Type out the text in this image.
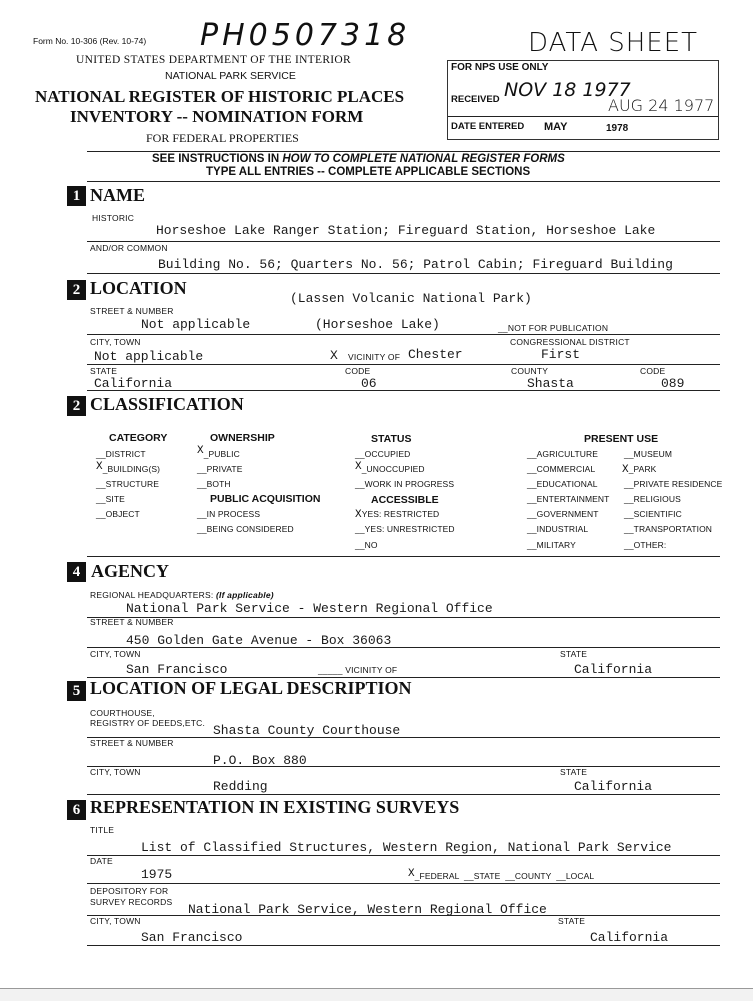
Form No. 10-306 (Rev. 10-74) PH0507318	DATA SHEET
UNITED STATES DEPARTMENT OF THE INTERIOR
NATIONAL PARK SERVICE
NATIONAL REGISTER OF HISTORIC PLACES
INVENTORY -- NOMINATION FORM
FOR FEDERAL PROPERTIES
FOR NPS USE ONLY
RECEIVED NOV 18 1977
AUG 24 1977
DATE ENTERED MAY	1978
SEE INSTRUCTIONS IN HOW TO COMPLETE NATIONAL REGISTER FORMS
TYPE ALL ENTRIES -- COMPLETE APPLICABLE SECTIONS
1 NAME
HISTORIC
Horseshoe Lake Ranger Station; Fireguard Station, Horseshoe Lake
AND/OR COMMON
Building No. 56; Quarters No. 56; Patrol Cabin; Fireguard Building
2 LOCATION
(Lassen Volcanic National Park)
STREET & NUMBER
Not applicable	(Horseshoe Lake)	__NOT FOR PUBLICATION
CITY, TOWN
Not applicable	X VICINITY OF Chester
CONGRESSIONAL DISTRICT
First
STATE
California
CODE
06
COUNTY
Shasta
CODE
089
2 CLASSIFICATION
CATEGORY
__DISTRICT
X_BUILDING(S)
__STRUCTURE
__SITE
__OBJECT
OWNERSHIP
X_PUBLIC
__PRIVATE
__BOTH
PUBLIC ACQUISITION
__IN PROCESS
__BEING CONSIDERED
STATUS
__OCCUPIED
X_UNOCCUPIED
__WORK IN PROGRESS
ACCESSIBLE
XYES: RESTRICTED
__YES: UNRESTRICTED
__NO
PRESENT USE
__AGRICULTURE
__COMMERCIAL
__EDUCATIONAL
__ENTERTAINMENT
__GOVERNMENT
__INDUSTRIAL
__MILITARY
__MUSEUM
X_PARK
__PRIVATE RESIDENCE
__RELIGIOUS
__SCIENTIFIC
__TRANSPORTATION
__OTHER:
4 AGENCY
REGIONAL HEADQUARTERS: (If applicable)
National Park Service - Western Regional Office
STREET & NUMBER
450 Golden Gate Avenue - Box 36063
CITY, TOWN
San Francisco	_____ VICINITY OF
STATE
California
5 LOCATION OF LEGAL DESCRIPTION
COURTHOUSE,
REGISTRY OF DEEDS,ETC. Shasta County Courthouse
STREET & NUMBER
P.O. Box 880
CITY, TOWN
Redding
STATE
California
6 REPRESENTATION IN EXISTING SURVEYS
TITLE
List of Classified Structures, Western Region, National Park Service
DATE
1975	X_FEDERAL  __STATE  __COUNTY  __LOCAL
DEPOSITORY FOR
SURVEY RECORDS National Park Service, Western Regional Office
CITY, TOWN
San Francisco
STATE
California
